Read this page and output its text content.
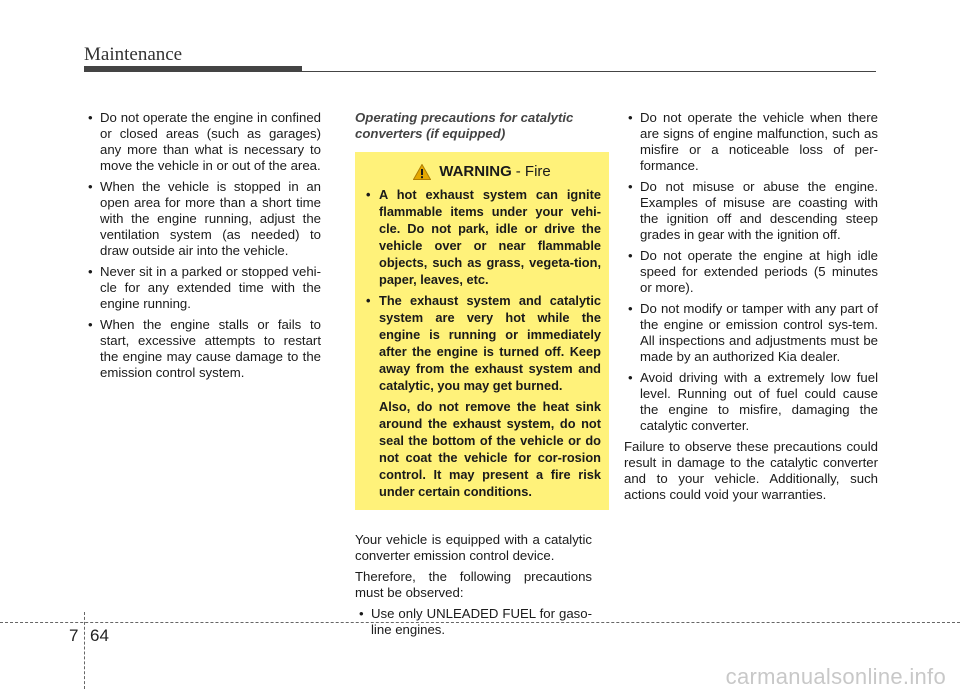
Maintenance
• Do not operate the engine in confined or closed areas (such as garages) any more than what is necessary to move the vehicle in or out of the area.
• When the vehicle is stopped in an open area for more than a short time with the engine running, adjust the ventilation system (as needed) to draw outside air into the vehicle.
• Never sit in a parked or stopped vehi-cle for any extended time with the engine running.
• When the engine stalls or fails to start, excessive attempts to restart the engine may cause damage to the emission control system.
Operating precautions for catalytic converters (if equipped)
WARNING - Fire
• A hot exhaust system can ignite flammable items under your vehi-cle. Do not park, idle or drive the vehicle over or near flammable objects, such as grass, vegeta-tion, paper, leaves, etc.
• The exhaust system and catalytic system are very hot while the engine is running or immediately after the engine is turned off. Keep away from the exhaust system and catalytic, you may get burned.

Also, do not remove the heat sink around the exhaust system, do not seal the bottom of the vehicle or do not coat the vehicle for cor-rosion control. It may present a fire risk under certain conditions.

Your vehicle is equipped with a catalytic converter emission control device.

Therefore, the following precautions must be observed:

• Use only UNLEADED FUEL for gaso-line engines.
• Do not operate the vehicle when there are signs of engine malfunction, such as misfire or a noticeable loss of per-formance.
• Do not misuse or abuse the engine. Examples of misuse are coasting with the ignition off and descending steep grades in gear with the ignition off.
• Do not operate the engine at high idle speed for extended periods (5 minutes or more).
• Do not modify or tamper with any part of the engine or emission control sys-tem. All inspections and adjustments must be made by an authorized Kia dealer.
• Avoid driving with a extremely low fuel level. Running out of fuel could cause the engine to misfire, damaging the catalytic converter.

Failure to observe these precautions could result in damage to the catalytic converter and to your vehicle. Additionally, such actions could void your warranties.

7 64
carmanualsonline.info
